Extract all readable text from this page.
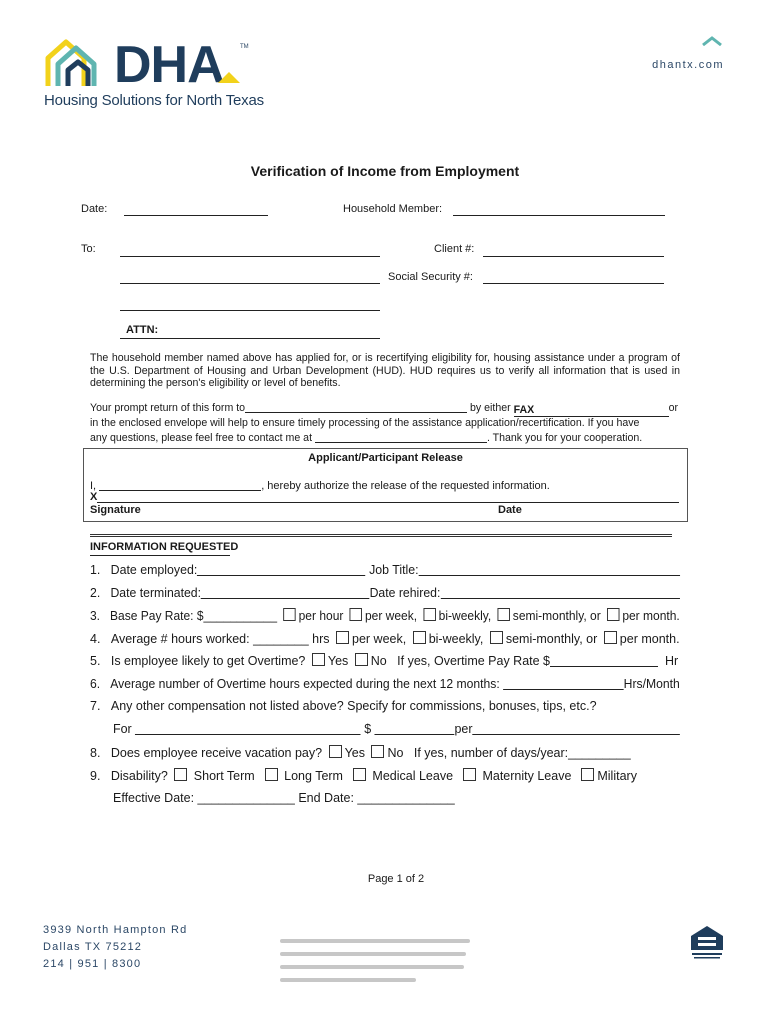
DHA	TM
Housing Solutions for North Texas
dhantx.com
Verification of Income from Employment
Date:	Household Member:
To:	Client #:
Social Security #:
ATTN:
The household member named above has applied for, or is recertifying eligibility for, housing assistance under a program of the U.S. Department of Housing and Urban Development (HUD). HUD requires us to verify all information that is used in determining the person's eligibility or level of benefits.
Your prompt return of this form to	by either FAX	or
in the enclosed envelope will help to ensure timely processing of the assistance application/recertification. If you have
any questions, please feel free to contact me at	. Thank you for your cooperation.
Applicant/Participant Release
I,	, hereby authorize the release of the requested information.
X
Signature	Date
INFORMATION REQUESTED
1. Date employed:	Job Title:
2. Date terminated:	Date rehired:
3. Base Pay Rate: $___________ per hour per week, bi-weekly, semi-monthly, or per month.
4. Average # hours worked: ________ hrs per week, bi-weekly, semi-monthly, or per month.
5. Is employee likely to get Overtime? Yes No If yes, Overtime Pay Rate $	Hr
6. Average number of Overtime hours expected during the next 12 months:	Hrs/Month
7. Any other compensation not listed above? Specify for commissions, bonuses, tips, etc.?
For	$	per
8. Does employee receive vacation pay? Yes No If yes, number of days/year:_________
9. Disability? Short Term Long Term Medical Leave Maternity Leave Military
Effective Date: ______________ End Date: ______________
Page 1 of 2
3939 North Hampton Rd
Dallas TX 75212
214 | 951 | 8300
